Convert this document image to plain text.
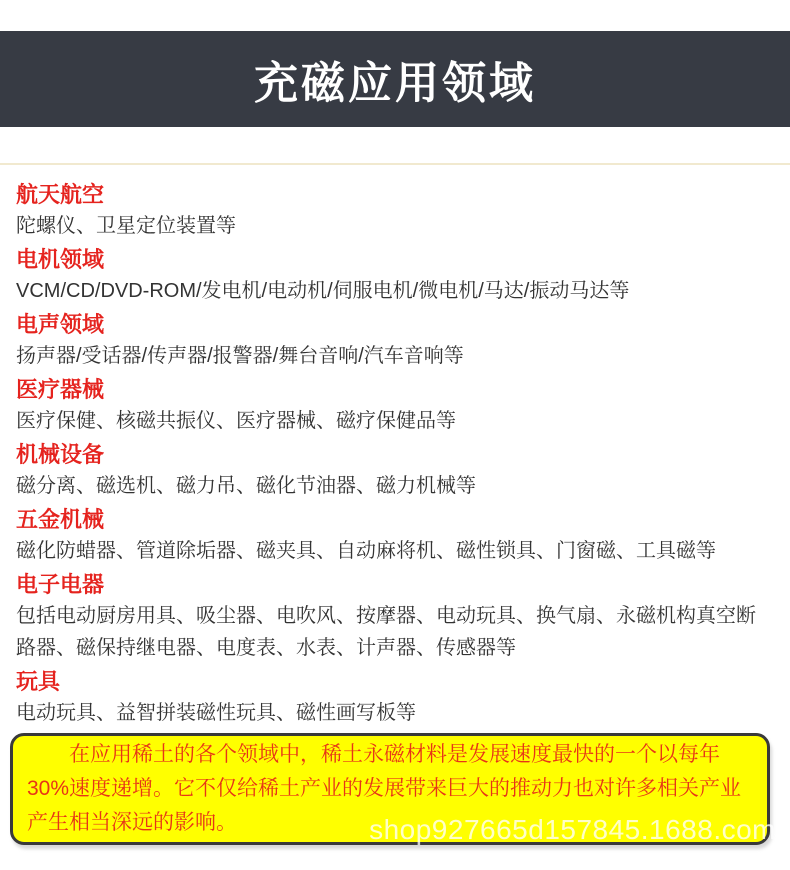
充磁应用领域
航天航空

陀螺仪、卫星定位装置等

电机领域

VCM/CD/DVD-ROM/发电机/电动机/伺服电机/微电机/马达/振动马达等

电声领域

扬声器/受话器/传声器/报警器/舞台音响/汽车音响等

医疗器械

医疗保健、核磁共振仪、医疗器械、磁疗保健品等

机械设备

磁分离、磁选机、磁力吊、磁化节油器、磁力机械等

五金机械

磁化防蜡器、管道除垢器、磁夹具、自动麻将机、磁性锁具、门窗磁、工具磁等

电子电器

包括电动厨房用具、吸尘器、电吹风、按摩器、电动玩具、换气扇、永磁机构真空断路器、磁保持继电器、电度表、水表、计声器、传感器等

玩具

电动玩具、益智拼装磁性玩具、磁性画写板等

在应用稀土的各个领域中，稀土永磁材料是发展速度最快的一个以每年30%速度递增。它不仅给稀土产业的发展带来巨大的推动力也对许多相关产业产生相当深远的影响。	shop927665d157845.1688.com
